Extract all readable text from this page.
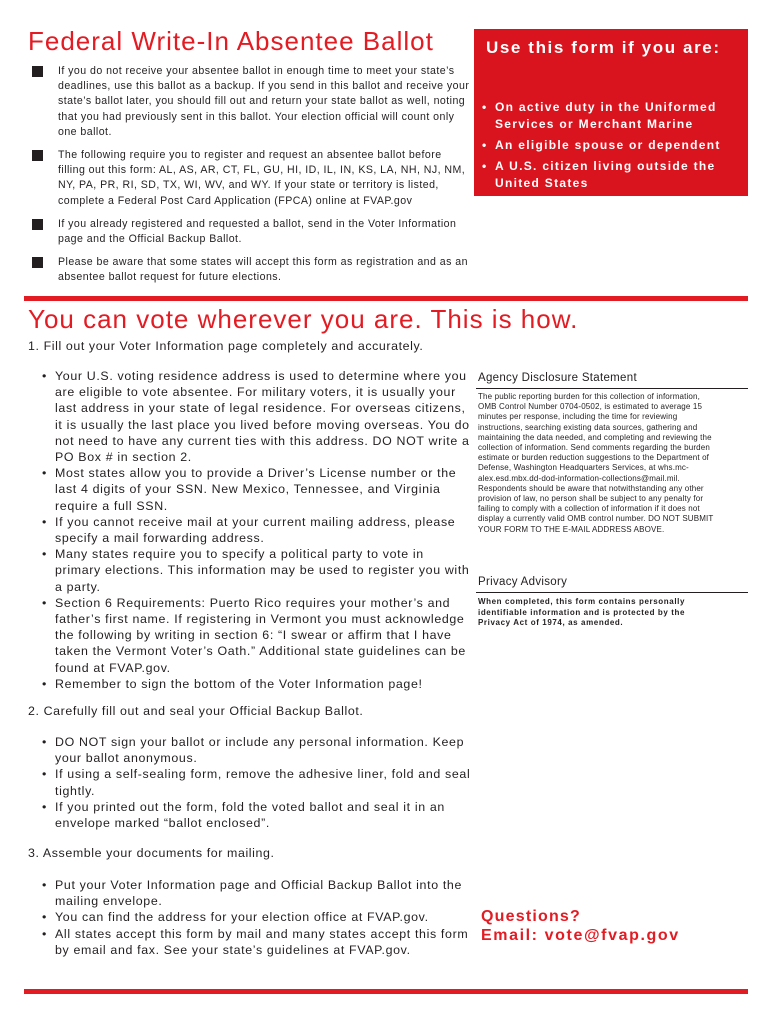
Federal Write-In Absentee Ballot
If you do not receive your absentee ballot in enough time to meet your state’s deadlines, use this ballot as a backup. If you send in this ballot and receive your state’s ballot later, you should fill out and return your state ballot as well, noting that you had previously sent in this ballot. Your election official will count only one ballot.
The following require you to register and request an absentee ballot before filling out this form: AL, AS, AR, CT, FL, GU, HI, ID, IL, IN, KS, LA, NH, NJ, NM, NY, PA, PR, RI, SD, TX, WI, WV, and WY. If your state or territory is listed, complete a Federal Post Card Application (FPCA) online at FVAP.gov
If you already registered and requested a ballot, send in the Voter Information page and the Official Backup Ballot.
Please be aware that some states will accept this form as registration and as an absentee ballot request for future elections.
Use this form if you are:
• On active duty in the Uniformed Services or Merchant Marine
• An eligible spouse or dependent
• A U.S. citizen living outside the United States
You can vote wherever you are. This is how.
1. Fill out your Voter Information page completely and accurately.
• Your U.S. voting residence address is used to determine where you are eligible to vote absentee. For military voters, it is usually your last address in your state of legal residence. For overseas citizens, it is usually the last place you lived before moving overseas. You do not need to have any current ties with this address. DO NOT write a PO Box # in section 2.
• Most states allow you to provide a Driver’s License number or the last 4 digits of your SSN. New Mexico, Tennessee, and Virginia require a full SSN.
• If you cannot receive mail at your current mailing address, please specify a mail forwarding address.
• Many states require you to specify a political party to vote in primary elections. This information may be used to register you with a party.
• Section 6 Requirements: Puerto Rico requires your mother’s and father’s first name. If registering in Vermont you must acknowledge the following by writing in section 6: “I swear or affirm that I have taken the Vermont Voter’s Oath.” Additional state guidelines can be found at FVAP.gov.
• Remember to sign the bottom of the Voter Information page!
2. Carefully fill out and seal your Official Backup Ballot.
• DO NOT sign your ballot or include any personal information. Keep your ballot anonymous.
• If using a self-sealing form, remove the adhesive liner, fold and seal tightly.
• If you printed out the form, fold the voted ballot and seal it in an envelope marked “ballot enclosed”.
3. Assemble your documents for mailing.
• Put your Voter Information page and Official Backup Ballot into the mailing envelope.
• You can find the address for your election office at FVAP.gov.
• All states accept this form by mail and many states accept this form by email and fax. See your state’s guidelines at FVAP.gov.
Agency Disclosure Statement
The public reporting burden for this collection of information, OMB Control Number 0704-0502, is estimated to average 15 minutes per response, including the time for reviewing instructions, searching existing data sources, gathering and maintaining the data needed, and completing and reviewing the collection of information. Send comments regarding the burden estimate or burden reduction suggestions to the Department of Defense, Washington Headquarters Services, at whs.mc-alex.esd.mbx.dd-dod-information-collections@mail.mil. Respondents should be aware that notwithstanding any other provision of law, no person shall be subject to any penalty for failing to comply with a collection of information if it does not display a currently valid OMB control number. DO NOT SUBMIT YOUR FORM TO THE E-MAIL ADDRESS ABOVE.
Privacy Advisory
When completed, this form contains personally identifiable information and is protected by the Privacy Act of 1974, as amended.
Questions?
Email: vote@fvap.gov
